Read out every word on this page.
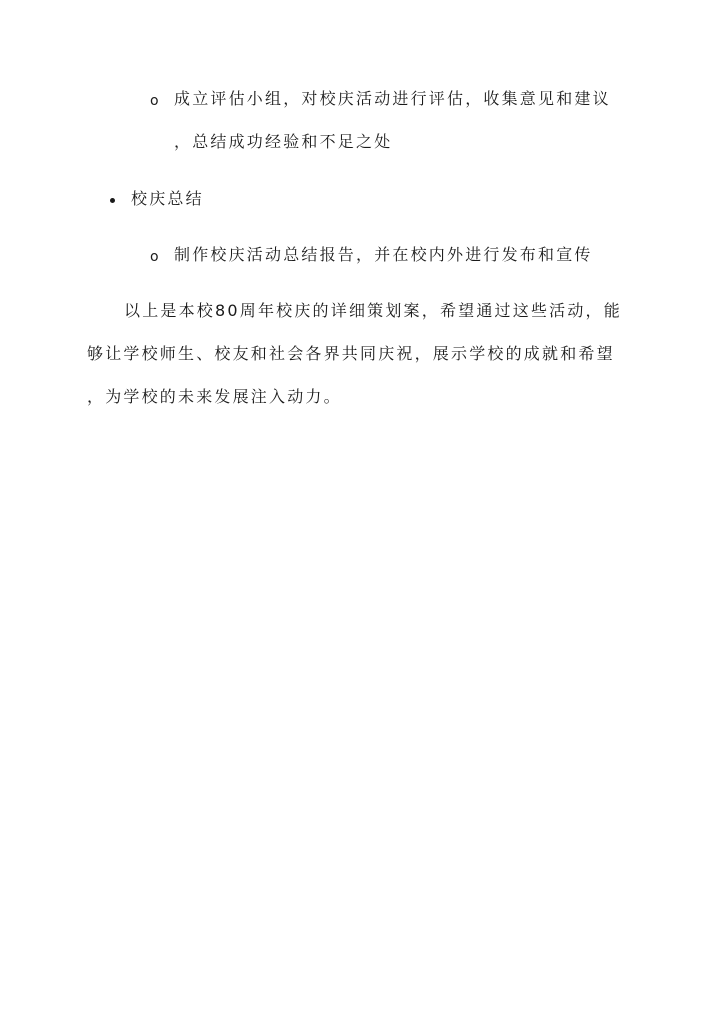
o 成立评估小组，对校庆活动进行评估，收集意见和建议
，总结成功经验和不足之处
校庆总结
o 制作校庆活动总结报告，并在校内外进行发布和宣传
以上是本校80周年校庆的详细策划案，希望通过这些活动，能
够让学校师生、校友和社会各界共同庆祝，展示学校的成就和希望
，为学校的未来发展注入动力。
